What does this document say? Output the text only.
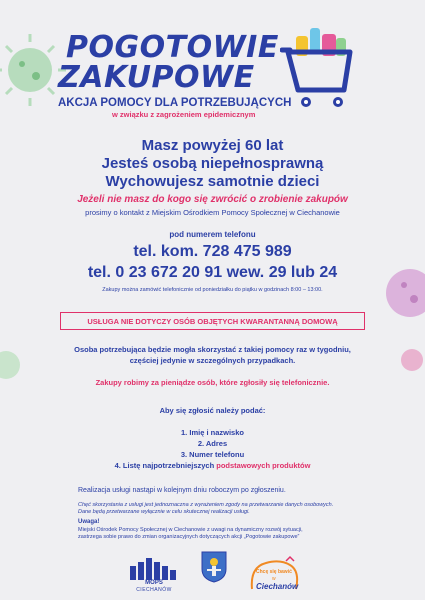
POGOTOWIE
ZAKUPOWE
AKCJA POMOCY DLA POTRZEBUJĄCYCH
w związku z zagrożeniem epidemicznym
Masz powyżej 60 lat
Jesteś osobą niepełnosprawną
Wychowujesz samotnie dzieci
Jeżeli nie masz do kogo się zwrócić o zrobienie zakupów
prosimy o kontakt z Miejskim Ośrodkiem Pomocy Społecznej w Ciechanowie
pod numerem telefonu
tel. kom. 728 475 989
tel. 0 23 672 20 91 wew. 29 lub 24
Zakupy można zamówić telefonicznie od poniedziałku do piątku w godzinach 8:00 – 13:00.
USŁUGA NIE DOTYCZY OSÓB OBJĘTYCH KWARANTANNĄ DOMOWĄ
Osoba potrzebująca będzie mogła skorzystać z takiej pomocy raz w tygodniu,
częściej jedynie w szczególnych przypadkach.
Zakupy robimy za pieniądze osób, które zgłosiły się telefonicznie.
Aby się zgłosić należy podać:
1. Imię i nazwisko
2. Adres
3. Numer telefonu
4. Listę najpotrzebniejszych podstawowych produktów
Realizacja usługi nastąpi w kolejnym dniu roboczym po zgłoszeniu.
Chęć skorzystania z usługi jest jednoznaczna z wyrażeniem zgody na przetwarzanie danych osobowych.
Dane będą przetwarzane wyłącznie w celu skutecznej realizacji usługi.
Uwaga!
Miejski Ośrodek Pomocy Społecznej w Ciechanowie z uwagi na dynamiczny rozwój sytuacji,
zastrzega sobie prawo do zmian organizacyjnych dotyczących akcji „Pogotowie zakupowe”
MOPS
CIECHANÓW
Chcę się bawić
w
Ciechanów
